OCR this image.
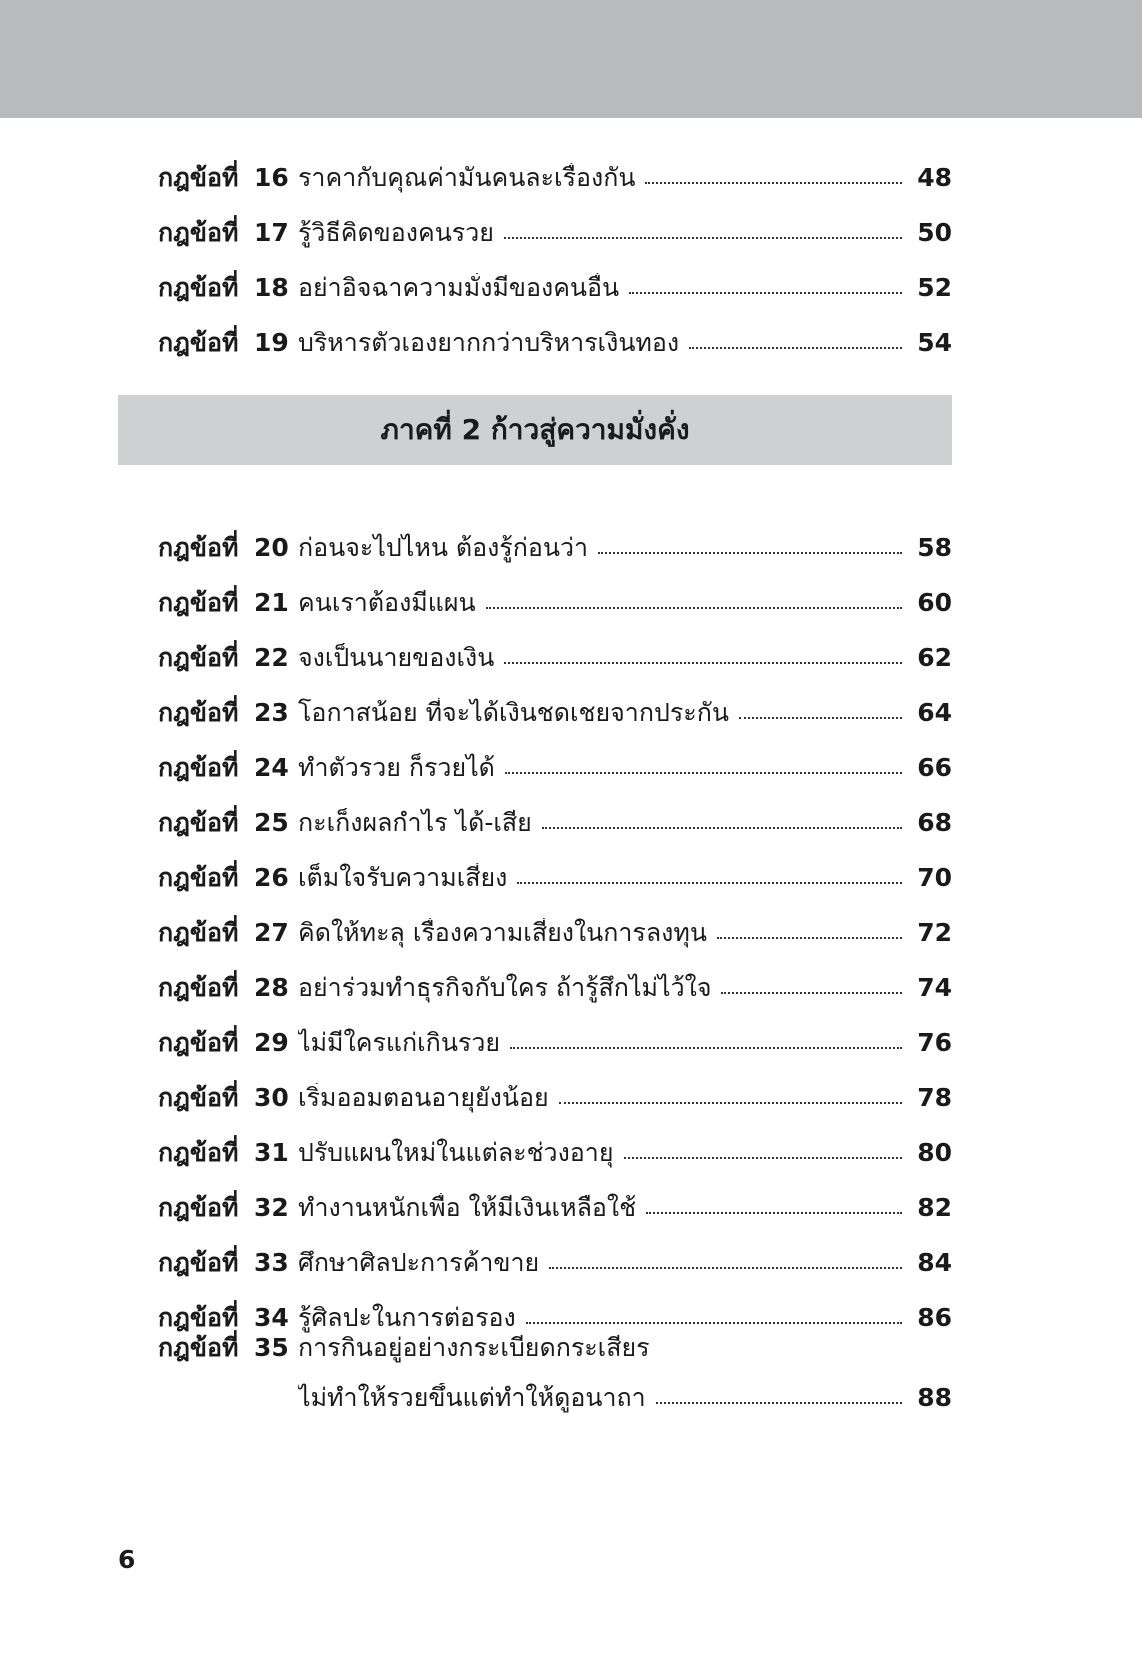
กฎข้อที่ 16 ราคากับคุณค่ามันคนละเรื่องกัน	48
กฎข้อที่ 17 รู้วิธีคิดของคนรวย	50
กฎข้อที่ 18 อย่าอิจฉาความมั่งมีของคนอื่น	52
กฎข้อที่ 19 บริหารตัวเองยากกว่าบริหารเงินทอง	54
ภาคที่ 2 ก้าวสู่ความมั่งคั่ง
กฎข้อที่ 20 ก่อนจะไปไหน ต้องรู้ก่อนว่า	58
กฎข้อที่ 21 คนเราต้องมีแผน	60
กฎข้อที่ 22 จงเป็นนายของเงิน	62
กฎข้อที่ 23 โอกาสน้อย ที่จะได้เงินชดเชยจากประกัน	64
กฎข้อที่ 24 ทำตัวรวย ก็รวยได้	66
กฎข้อที่ 25 กะเก็งผลกำไร ได้-เสีย	68
กฎข้อที่ 26 เต็มใจรับความเสี่ยง	70
กฎข้อที่ 27 คิดให้ทะลุ เรื่องความเสี่ยงในการลงทุน	72
กฎข้อที่ 28 อย่าร่วมทำธุรกิจกับใคร ถ้ารู้สึกไม่ไว้ใจ	74
กฎข้อที่ 29 ไม่มีใครแก่เกินรวย	76
กฎข้อที่ 30 เริ่มออมตอนอายุยังน้อย	78
กฎข้อที่ 31 ปรับแผนใหม่ในแต่ละช่วงอายุ	80
กฎข้อที่ 32 ทำงานหนักเพื่อ ให้มีเงินเหลือใช้	82
กฎข้อที่ 33 ศึกษาศิลปะการค้าขาย	84
กฎข้อที่ 34 รู้ศิลปะในการต่อรอง	86
กฎข้อที่ 35 การกินอยู่อย่างกระเบียดกระเสียร
ไม่ทำให้รวยขึ้นแต่ทำให้ดูอนาถา	88
6
